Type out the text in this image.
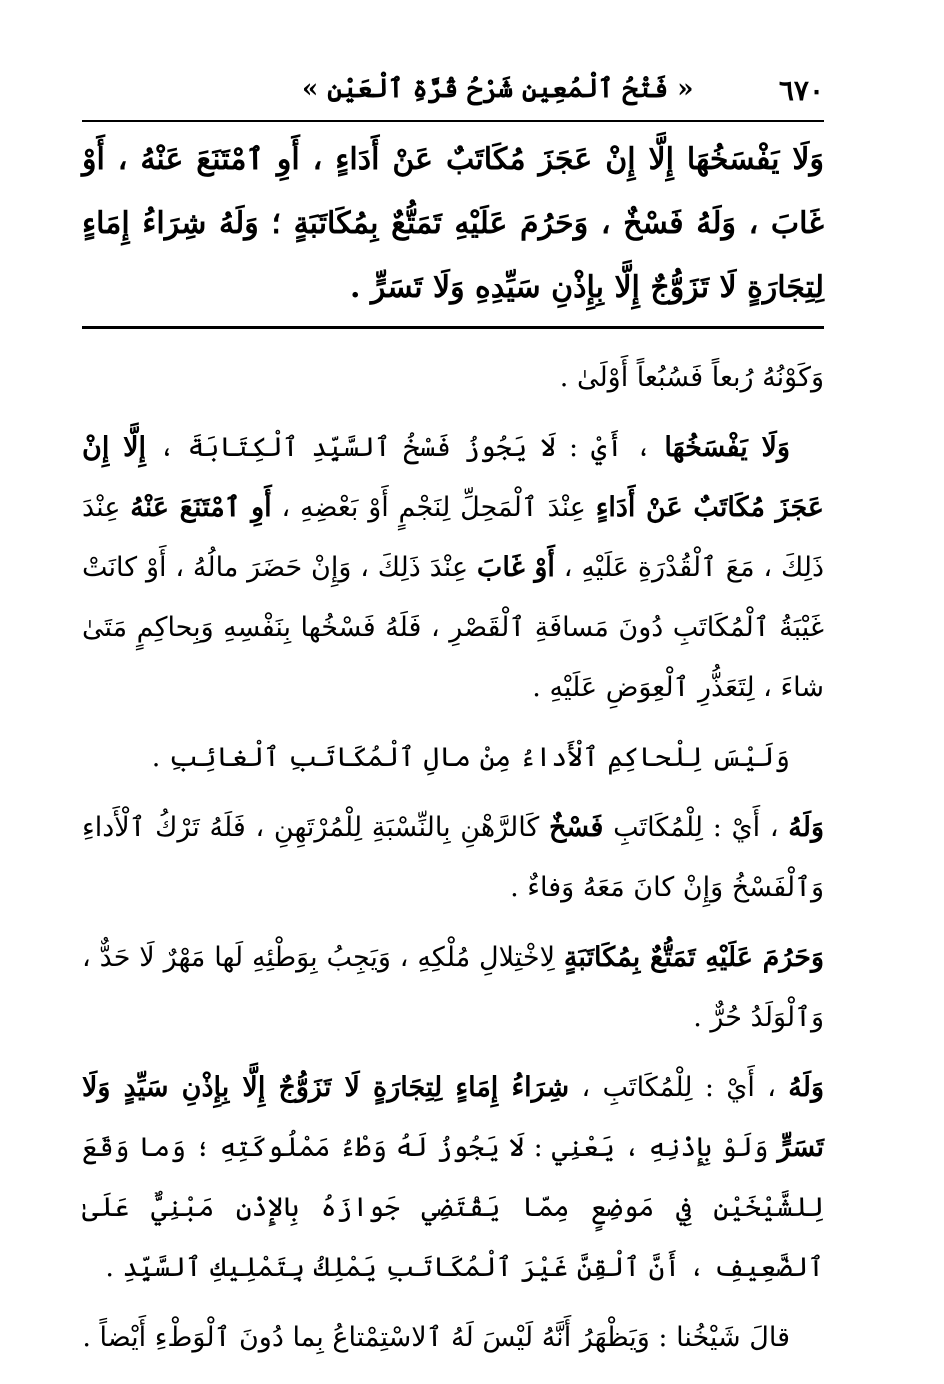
٦٧٠
« فَتْحُ ٱلْمُعِينِ شَرْحُ قُرَّةِ ٱلْعَيْنِ »

وَلَا يَفْسَخُهَا إِلَّا إِنْ عَجَزَ مُكَاتَبٌ عَنْ أَدَاءٍ ، أَوِ ٱمْتَنَعَ عَنْهُ ، أَوْ غَابَ ، وَلَهُ فَسْخٌ ، وَحَرُمَ عَلَيْهِ تَمَتُّعٌ بِمُكَاتَبَةٍ ؛ وَلَهُ شِرَاءُ إِمَاءٍ لِتِجَارَةٍ لَا تَزَوُّجٌ إِلَّا بِإِذْنِ سَيِّدِهِ وَلَا تَسَرٍّ .

وَكَوْنُهُ رُبعاً فَسُبُعاً أَوْلَىٰ .

وَلَا يَفْسَخُهَا ، أَيْ : لَا يَجُوزُ فَسْخُ ٱلسَّيِّدِ ٱلْكِتَابَةَ ، إِلَّا إِنْ عَجَزَ مُكَاتَبٌ عَنْ أَدَاءٍ عِنْدَ ٱلْمَحِلِّ لِنَجْمٍ أَوْ بَعْضِهِ ، أَوِ ٱمْتَنَعَ عَنْهُ عِنْدَ ذَلِكَ ، مَعَ ٱلْقُدْرَةِ عَلَيْهِ ، أَوْ غَابَ عِنْدَ ذَلِكَ ، وَإِنْ حَضَرَ مالُهُ ، أَوْ كانَتْ غَيْبَةُ ٱلْمُكَاتَبِ دُونَ مَسافَةِ ٱلْقَصْرِ ، فَلَهُ فَسْخُها بِنَفْسِهِ وَبِحاكِمٍ مَتَىٰ شاءَ ، لِتَعَذُّرِ ٱلْعِوَضِ عَلَيْهِ .

وَلَيْسَ لِلْحاكِمِ ٱلْأَداءُ مِنْ مالِ ٱلْمُكَاتَبِ ٱلْغائِبِ .

وَلَهُ ، أَيْ : لِلْمُكَاتَبِ فَسْخٌ كَالرَّهْنِ بِالنِّسْبَةِ لِلْمُرْتَهِنِ ، فَلَهُ تَرْكُ ٱلْأَداءِ وَٱلْفَسْخُ وَإِنْ كانَ مَعَهُ وَفاءٌ .

وَحَرُمَ عَلَيْهِ تَمَتُّعٌ بِمُكَاتَبَةٍ لِاخْتِلالِ مُلْكِهِ ، وَيَجِبُ بِوَطْئِهِ لَها مَهْرٌ لَا حَدٌّ ، وَٱلْوَلَدُ حُرٌّ .

وَلَهُ ، أَيْ : لِلْمُكَاتَبِ ، شِرَاءُ إِمَاءٍ لِتِجَارَةٍ لَا تَزَوُّجٌ إِلَّا بِإِذْنِ سَيِّدٍ وَلَا تَسَرٍّ وَلَوْ بِإِذْنِهِ ، يَعْنِي : لَا يَجُوزُ لَهُ وَطْءُ مَمْلُوكَتِهِ ؛ وَما وَقَعَ لِلشَّيْخَيْنِ فِي مَوضِعٍ مِمّا يَقْتَضِي جَوازَهُ بِالإِذْنِ مَبْنِيٌّ عَلَىٰ ٱلضَّعِيفِ ، أَنَّ ٱلْقِنَّ غَيْرَ ٱلْمُكَاتَبِ يَمْلِكُ بِتَمْلِيكِ ٱلسَّيِّدِ .

قالَ شَيْخُنا : وَيَظْهَرُ أَنَّهُ لَيْسَ لَهُ ٱلاسْتِمْتاعُ بِما دُونَ ٱلْوَطْءِ أَيْضاً .
